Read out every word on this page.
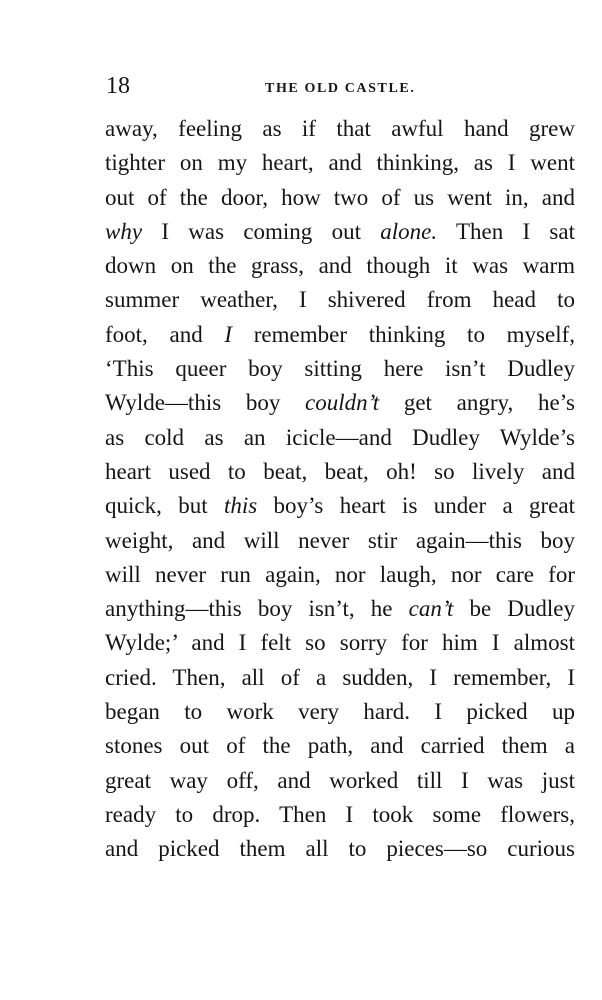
18	THE OLD CASTLE.
away, feeling as if that awful hand grew
tighter on my heart, and thinking, as I went
out of the door, how two of us went in, and
why I was coming out alone. Then I sat
down on the grass, and though it was warm
summer weather, I shivered from head to
foot, and I remember thinking to myself,
‘This queer boy sitting here isn’t Dudley
Wylde—this boy couldn’t get angry, he’s
as cold as an icicle—and Dudley Wylde’s
heart used to beat, beat, oh! so lively and
quick, but this boy’s heart is under a great
weight, and will never stir again—this boy
will never run again, nor laugh, nor care for
anything—this boy isn’t, he can’t be Dudley
Wylde;’ and I felt so sorry for him I almost
cried. Then, all of a sudden, I remember, I
began to work very hard. I picked up
stones out of the path, and carried them a
great way off, and worked till I was just
ready to drop. Then I took some flowers,
and picked them all to pieces—so curious
